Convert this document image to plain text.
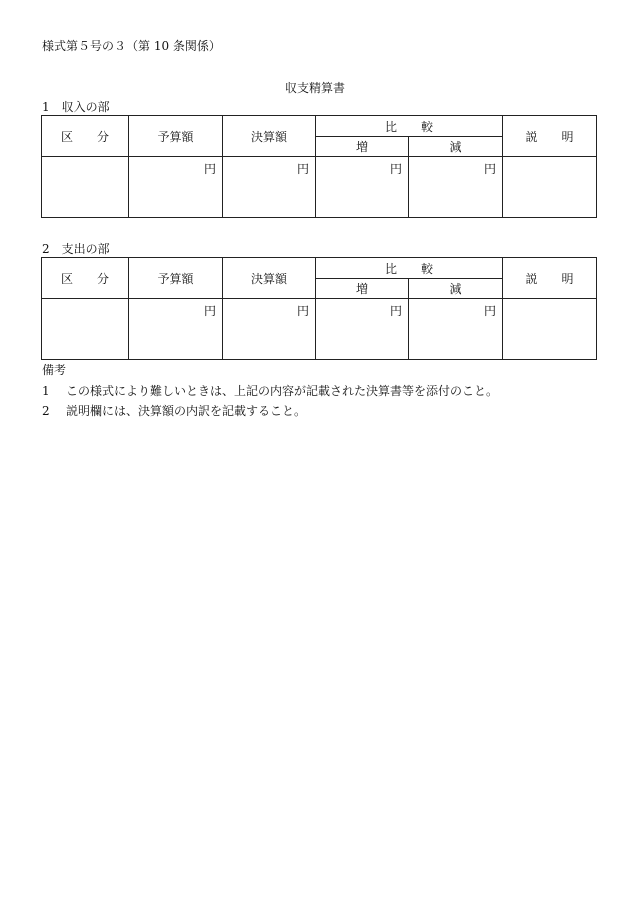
様式第５号の３（第 10 条関係）
収支精算書
1　収入の部
区　　分	予算額	決算額	比　　較		説　　明
			増	減	
	円	円	円	円	
2　支出の部
区　　分	予算額	決算額	比　　較		説　　明
			増	減	
	円	円	円	円	
備考
1 この様式により難しいときは、上記の内容が記載された決算書等を添付のこと。
2 説明欄には、決算額の内訳を記載すること。
